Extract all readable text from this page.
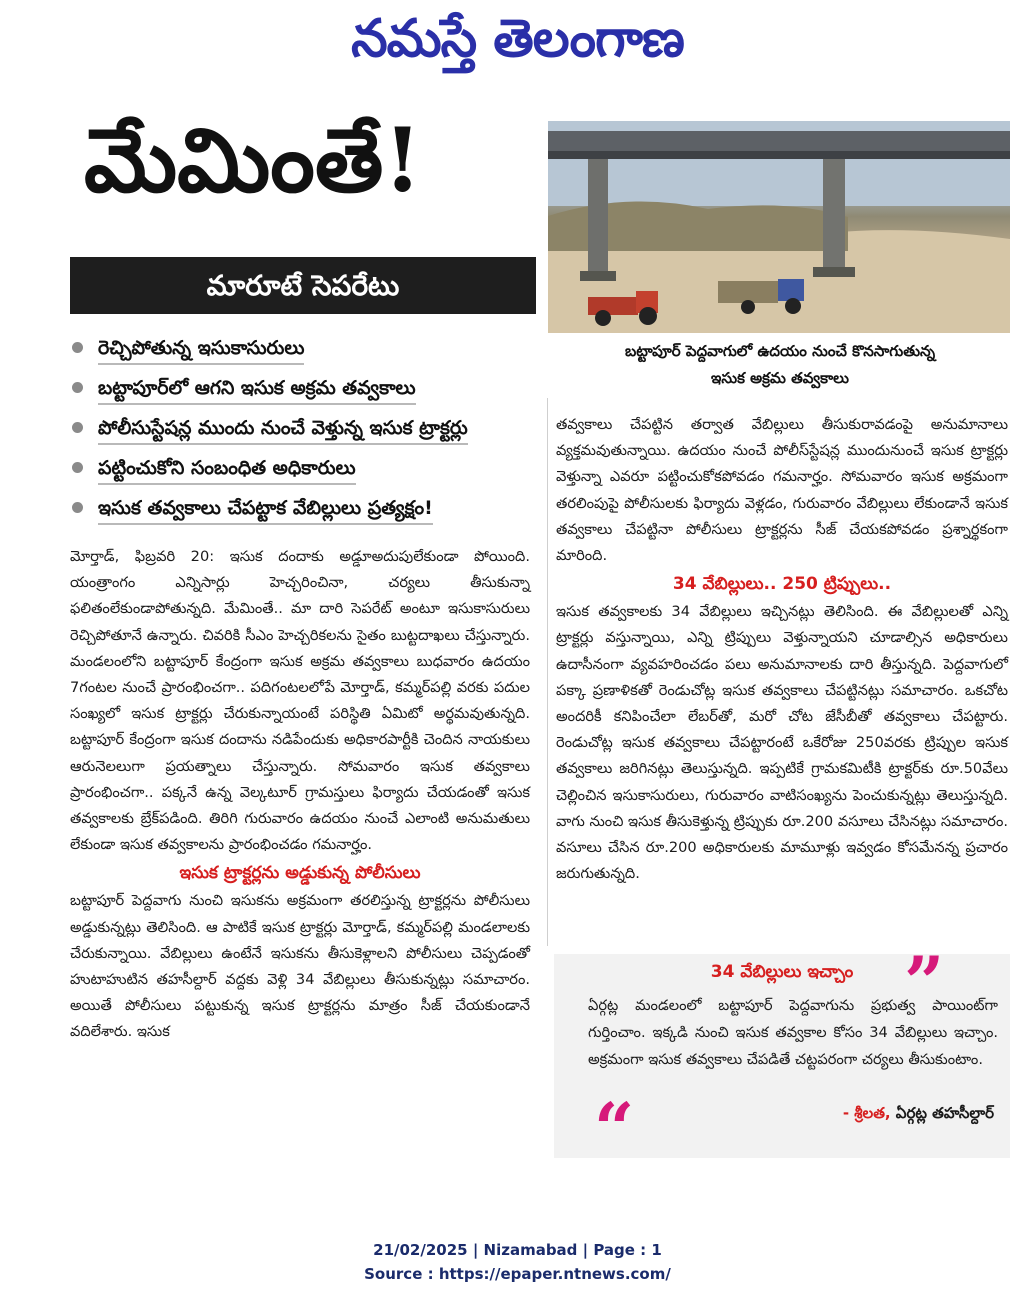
నమస్తే తెలంగాణ
మేమింతే!
మారూటే సెపరేటు
రెచ్చిపోతున్న ఇసుకాసురులు
బట్టాపూర్‌లో ఆగని ఇసుక అక్రమ తవ్వకాలు
పోలీసుస్టేషన్ల ముందు నుంచే వెళ్తున్న ఇసుక ట్రాక్టర్లు
పట్టించుకోని సంబంధిత అధికారులు
ఇసుక తవ్వకాలు చేపట్టాక వేబిల్లులు ప్రత్యక్షం!

మోర్తాడ్, ఫిబ్రవరి 20: ఇసుక దందాకు అడ్డూఅదుపులేకుండా పోయింది. యంత్రాంగం ఎన్నిసార్లు హెచ్చరించినా, చర్యలు తీసుకున్నా ఫలితంలేకుండాపోతున్నది. మేమింతే.. మా దారి సెపరేట్ అంటూ ఇసుకాసురులు రెచ్చిపోతూనే ఉన్నారు. చివరికి సీఎం హెచ్చరికలను సైతం బుట్టదాఖలు చేస్తున్నారు. మండలంలోని బట్టాపూర్ కేంద్రంగా ఇసుక అక్రమ తవ్వకాలు బుధవారం ఉదయం 7గంటల నుంచే ప్రారంభించగా.. పదిగంటలలోపే మోర్తాడ్, కమ్మర్‌పల్లి వరకు పదుల సంఖ్యలో ఇసుక ట్రాక్టర్లు చేరుకున్నాయంటే పరిస్థితి ఏమిటో అర్థమవుతున్నది. బట్టాపూర్ కేంద్రంగా ఇసుక దందాను నడిపేందుకు అధికారపార్టీకి చెందిన నాయకులు ఆరునెలలుగా ప్రయత్నాలు చేస్తున్నారు. సోమవారం ఇసుక తవ్వకాలు ప్రారంభించగా.. పక్కనే ఉన్న వెల్కటూర్ గ్రామస్తులు ఫిర్యాదు చేయడంతో ఇసుక తవ్వకాలకు బ్రేక్‌పడింది. తిరిగి గురువారం ఉదయం నుంచే ఎలాంటి అనుమతులు లేకుండా ఇసుక తవ్వకాలను ప్రారంభించడం గమనార్హం.

ఇసుక ట్రాక్టర్లను అడ్డుకున్న పోలీసులు

బట్టాపూర్ పెద్దవాగు నుంచి ఇసుకను అక్రమంగా తరలిస్తున్న ట్రాక్టర్లను పోలీసులు అడ్డుకున్నట్లు తెలిసింది. ఆ పాటికే ఇసుక ట్రాక్టర్లు మోర్తాడ్, కమ్మర్‌పల్లి మండలాలకు చేరుకున్నాయి. వేబిల్లులు ఉంటేనే ఇసుకను తీసుకెళ్లాలని పోలీసులు చెప్పడంతో హుటాహుటిన తహసీల్దార్ వద్దకు వెళ్లి 34 వేబిల్లులు తీసుకున్నట్లు సమాచారం. అయితే పోలీసులు పట్టుకున్న ఇసుక ట్రాక్టర్లను మాత్రం సీజ్ చేయకుండానే వదిలేశారు. ఇసుక

బట్టాపూర్ పెద్దవాగులో ఉదయం నుంచే కొనసాగుతున్న
ఇసుక అక్రమ తవ్వకాలు

తవ్వకాలు చేపట్టిన తర్వాత వేబిల్లులు తీసుకురావడంపై అనుమానాలు వ్యక్తమవుతున్నాయి. ఉదయం నుంచే పోలీస్‌స్టేషన్ల ముందునుంచే ఇసుక ట్రాక్టర్లు వెళ్తున్నా ఎవరూ పట్టించుకోకపోవడం గమనార్హం. సోమవారం ఇసుక అక్రమంగా తరలింపుపై పోలీసులకు ఫిర్యాదు వెళ్లడం, గురువారం వేబిల్లులు లేకుండానే ఇసుక తవ్వకాలు చేపట్టినా పోలీసులు ట్రాక్టర్లను సీజ్ చేయకపోవడం ప్రశ్నార్థకంగా మారింది.

34 వేబిల్లులు.. 250 ట్రిప్పులు..

ఇసుక తవ్వకాలకు 34 వేబిల్లులు ఇచ్చినట్లు తెలిసింది. ఈ వేబిల్లులతో ఎన్ని ట్రాక్టర్లు వస్తున్నాయి, ఎన్ని ట్రిప్పులు వెళ్తున్నాయని చూడాల్సిన అధికారులు ఉదాసీనంగా వ్యవహరించడం పలు అనుమానాలకు దారి తీస్తున్నది. పెద్దవాగులో పక్కా ప్రణాళికతో రెండుచోట్ల ఇసుక తవ్వకాలు చేపట్టినట్లు సమాచారం. ఒకచోట అందరికీ కనిపించేలా లేబర్‌తో, మరో చోట జేసీబీతో తవ్వకాలు చేపట్టారు. రెండుచోట్ల ఇసుక తవ్వకాలు చేపట్టారంటే ఒకేరోజు 250వరకు ట్రిప్పుల ఇసుక తవ్వకాలు జరిగినట్లు తెలుస్తున్నది. ఇప్పటికే గ్రామకమిటీకి ట్రాక్టర్‌కు రూ.50వేలు చెల్లించిన ఇసుకాసురులు, గురువారం వాటిసంఖ్యను పెంచుకున్నట్లు తెలుస్తున్నది. వాగు నుంచి ఇసుక తీసుకెళ్తున్న ట్రిప్పుకు రూ.200 వసూలు చేసినట్లు సమాచారం. వసూలు చేసిన రూ.200 అధికారులకు మామూళ్లు ఇవ్వడం కోసమేనన్న ప్రచారం జరుగుతున్నది.

34 వేబిల్లులు ఇచ్చాం ”
ఏర్గట్ల మండలంలో బట్టాపూర్ పెద్దవాగును ప్రభుత్వ పాయింట్‌గా గుర్తించాం. ఇక్కడి నుంచి ఇసుక తవ్వకాల కోసం 34 వేబిల్లులు ఇచ్చాం. అక్రమంగా ఇసుక తవ్వకాలు చేపడితే చట్టపరంగా చర్యలు తీసుకుంటాం.
“	- శ్రీలత, ఏర్గట్ల తహసీల్దార్
21/02/2025 | Nizamabad | Page : 1
Source : https://epaper.ntnews.com/
